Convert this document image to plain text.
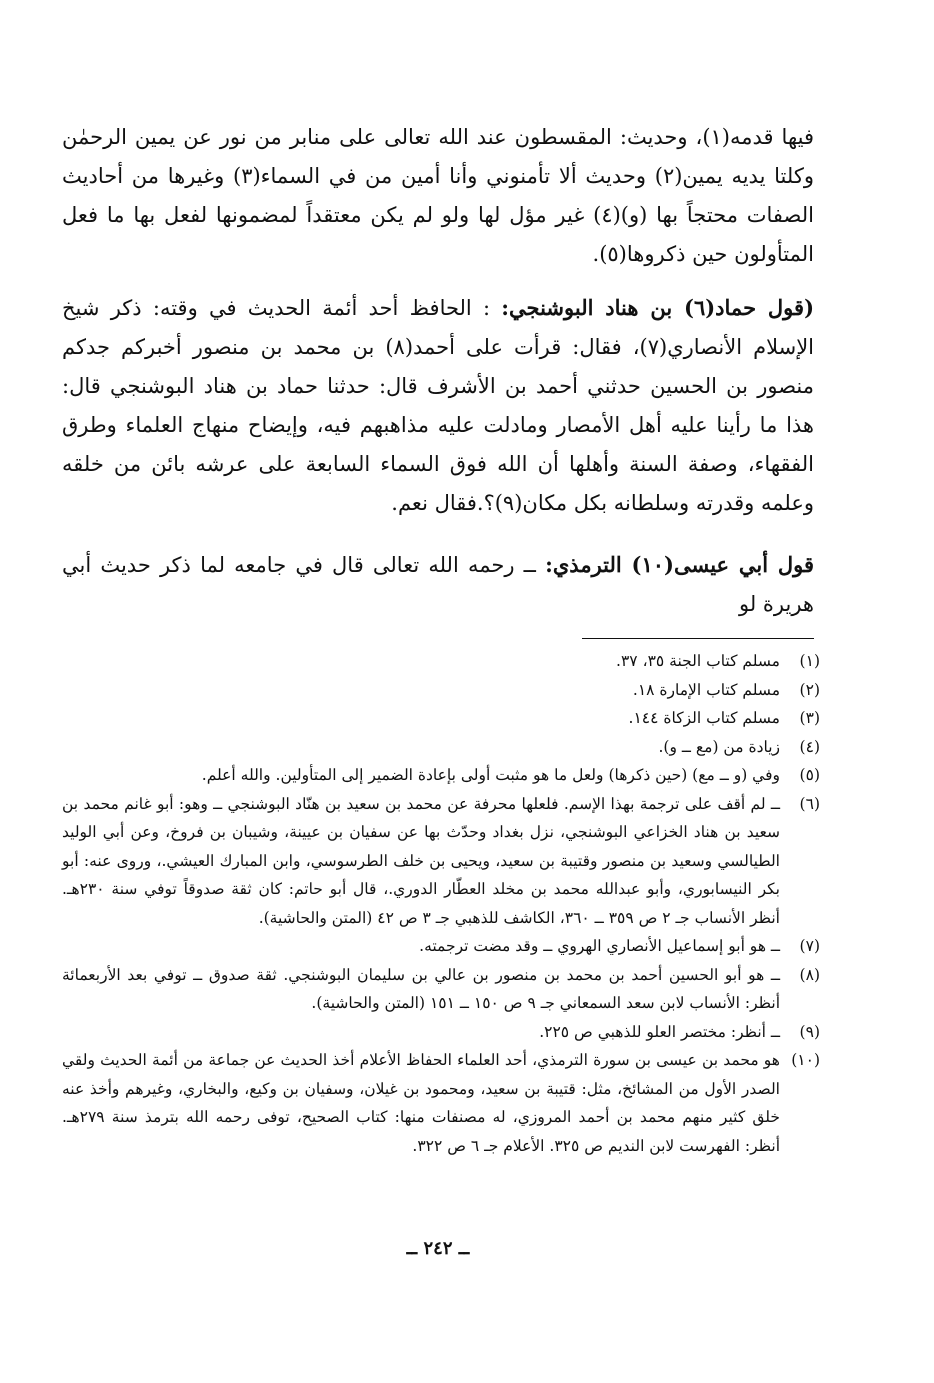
فيها قدمه(١)، وحديث: المقسطون عند الله تعالى على منابر من نور عن يمين الرحمٰن وكلتا يديه يمين(٢) وحديث ألا تأمنوني وأنا أمين من في السماء(٣) وغيرها من أحاديث الصفات محتجاً بها (و)(٤) غير مؤل لها ولو لم يكن معتقداً لمضمونها لفعل بها ما فعل المتأولون حين ذكروها(٥).

(قول حماد(٦) بن هناد البوشنجي: : الحافظ أحد أئمة الحديث في وقته: ذكر شيخ الإسلام الأنصاري(٧)، فقال: قرأت على أحمد(٨) بن محمد بن منصور أخبركم جدكم منصور بن الحسين حدثني أحمد بن الأشرف قال: حدثنا حماد بن هناد البوشنجي قال: هذا ما رأينا عليه أهل الأمصار ومادلت عليه مذاهبهم فيه، وإيضاح منهاج العلماء وطرق الفقهاء، وصفة السنة وأهلها أن الله فوق السماء السابعة على عرشه بائن من خلقه وعلمه وقدرته وسلطانه بكل مكان(٩)؟.فقال نعم.

قول أبي عيسى(١٠) الترمذي: ــ رحمه الله تعالى قال في جامعه لما ذكر حديث أبي هريرة لو

(١)
مسلم كتاب الجنة ٣٥، ٣٧.
(٢)
مسلم كتاب الإمارة ١٨.
(٣)
مسلم كتاب الزكاة ١٤٤.
(٤)
زيادة من (مع ــ و).
(٥)
وفي (و ــ مع) (حين ذكرها) ولعل ما هو مثبت أولى بإعادة الضمير إلى المتأولين. والله أعلم.
(٦)
ــ لم أقف على ترجمة بهذا الإسم. فلعلها محرفة عن محمد بن سعيد بن هنّاد البوشنجي ــ وهو: أبو غانم محمد بن سعيد بن هناد الخزاعي البوشنجي، نزل بغداد وحدّث بها عن سفيان بن عيينة، وشيبان بن فروخ، وعن أبي الوليد الطيالسي وسعيد بن منصور وقتيبة بن سعيد، ويحيى بن خلف الطرسوسي، وابن المبارك العيشي.، وروى عنه: أبو بكر النيسابوري، وأبو عبدالله محمد بن مخلد العطّار الدوري.، قال أبو حاتم: كان ثقة صدوقاً توفي سنة ٢٣٠هـ. أنظر الأنساب جـ ٢ ص ٣٥٩ ــ ٣٦٠، الكاشف للذهبي جـ ٣ ص ٤٢ (المتن والحاشية).
(٧)
ــ هو أبو إسماعيل الأنصاري الهروي ــ وقد مضت ترجمته.
(٨)
ــ هو أبو الحسين أحمد بن محمد بن منصور بن عالي بن سليمان البوشنجي. ثقة صدوق ــ توفي بعد الأربعمائة أنظر: الأنساب لابن سعد السمعاني جـ ٩ ص ١٥٠ ــ ١٥١ (المتن والحاشية).
(٩)
ــ أنظر: مختصر العلو للذهبي ص ٢٢٥.
(١٠)
هو محمد بن عيسى بن سورة الترمذي، أحد العلماء الحفاظ الأعلام أخذ الحديث عن جماعة من أئمة الحديث ولقي الصدر الأول من المشائخ، مثل: قتيبة بن سعيد، ومحمود بن غيلان، وسفيان بن وكيع، والبخاري، وغيرهم وأخذ عنه خلق كثير منهم محمد بن أحمد المروزي، له مصنفات منها: كتاب الصحيح، توفى رحمه الله بترمذ سنة ٢٧٩هـ. أنظر: الفهرست لابن النديم ص ٣٢٥. الأعلام جـ ٦ ص ٣٢٢.
ــ ٢٤٢ ــ
